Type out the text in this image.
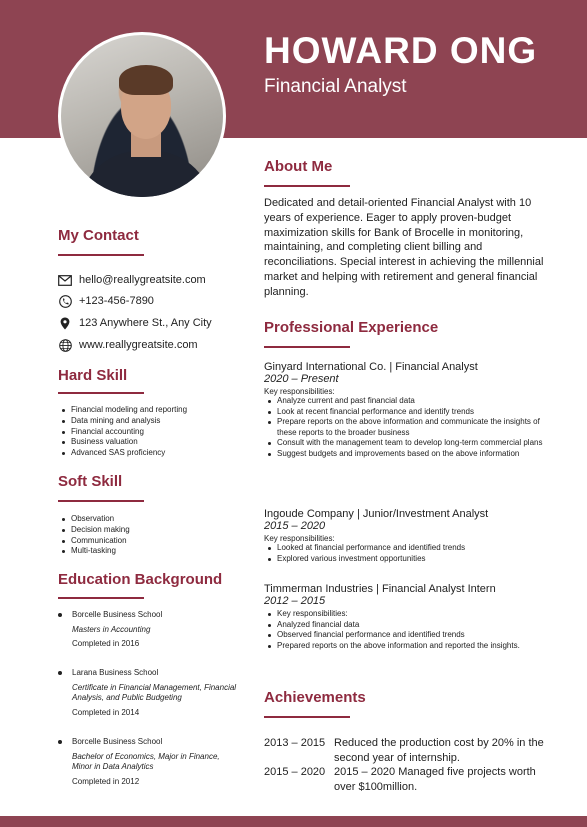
HOWARD ONG
Financial Analyst
About Me
Dedicated and detail-oriented Financial Analyst with 10 years of experience. Eager to apply proven-budget maximization skills for Bank of Brocelle in monitoring, maintaining, and completing client billing and reconciliations. Special interest in achieving the millennial market and helping with retirement and general financial planning.
My Contact
hello@reallygreatsite.com
+123-456-7890
123 Anywhere St., Any City
www.reallygreatsite.com
Hard Skill
Financial modeling and reporting
Data mining and analysis
Financial accounting
Business valuation
Advanced SAS proficiency
Soft Skill
Observation
Decision making
Communication
Multi-tasking
Education Background
Borcelle Business School
Masters in Accounting
Completed in 2016
Larana Business School
Certificate in Financial Management, Financial Analysis, and Public Budgeting
Completed in 2014
Borcelle Business School
Bachelor of Economics, Major in Finance, Minor in Data Analytics
Completed in 2012
Professional Experience
Ginyard International Co. | Financial Analyst
2020 – Present
Key responsibilities:
Analyze current and past financial data
Look at recent financial performance and identify trends
Prepare reports on the above information and communicate the insights of these reports to the broader business
Consult with the management team to develop long-term commercial plans
Suggest budgets and improvements based on the above information
Ingoude Company | Junior/Investment Analyst
2015 – 2020
Key responsibilities:
Looked at financial performance and identified trends
Explored various investment opportunities
Timmerman Industries | Financial Analyst Intern
2012 – 2015
Key responsibilities:
Analyzed financial data
Observed financial performance and identified trends
Prepared reports on the above information and reported the insights.
Achievements
2013 – 2015 Reduced the production cost by 20% in the second year of internship.
2015 – 2020 2015 – 2020 Managed five projects worth over $100million.
